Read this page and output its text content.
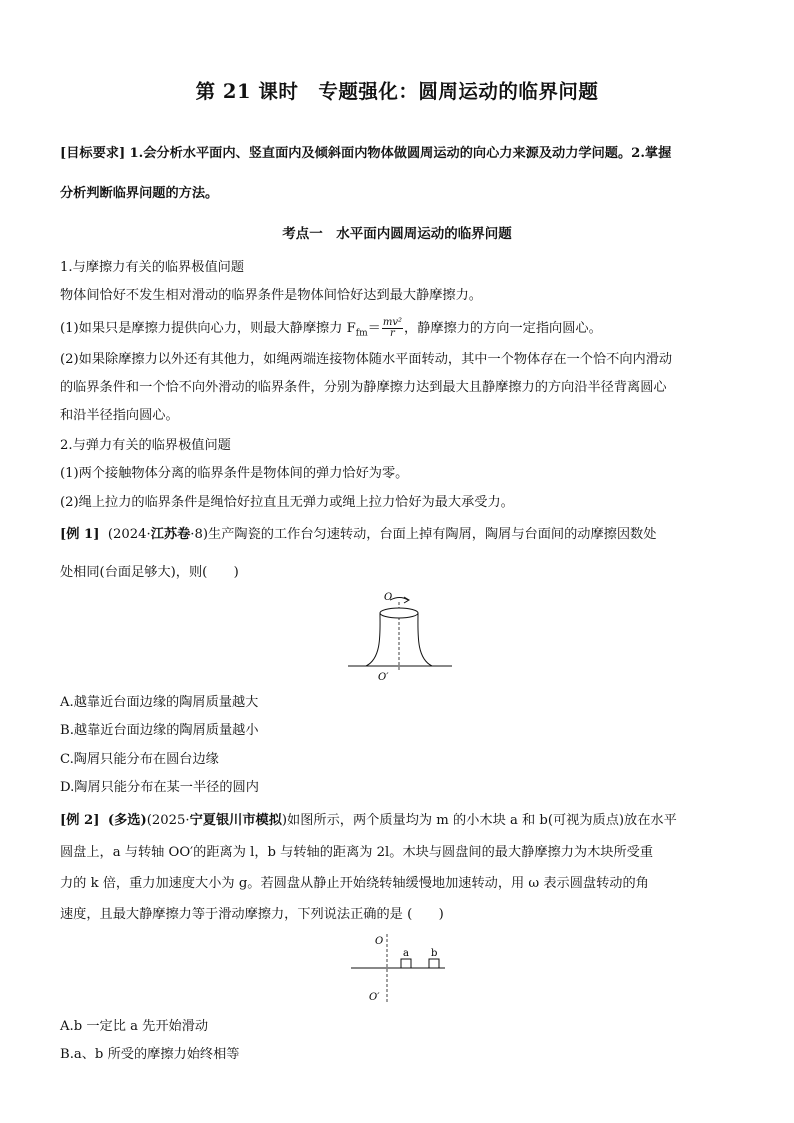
第 21 课时　专题强化：圆周运动的临界问题
[目标要求] 1.会分析水平面内、竖直面内及倾斜面内物体做圆周运动的向心力来源及动力学问题。2.掌握
分析判断临界问题的方法。
考点一　水平面内圆周运动的临界问题
1.与摩擦力有关的临界极值问题
物体间恰好不发生相对滑动的临界条件是物体间恰好达到最大静摩擦力。
(1)如果只是摩擦力提供向心力，则最大静摩擦力 $F_{fm}= \frac{\text{mv²}}{r}$ ，静摩擦力的方向一定指向圆心。
(2)如果除摩擦力以外还有其他力，如绳两端连接物体随水平面转动，其中一个物体存在一个恰不向内滑动
的临界条件和一个恰不向外滑动的临界条件，分别为静摩擦力达到最大且静摩擦力的方向沿半径背离圆心
和沿半径指向圆心。
2.与弹力有关的临界极值问题
(1)两个接触物体分离的临界条件是物体间的弹力恰好为零。
(2)绳上拉力的临界条件是绳恰好拉直且无弹力或绳上拉力恰好为最大承受力。
[例 1] (2024·江苏卷·8)生产陶瓷的工作台匀速转动，台面上掉有陶屑，陶屑与台面间的动摩擦因数处
处相同(台面足够大)，则(　　)
O
O′
A.越靠近台面边缘的陶屑质量越大
B.越靠近台面边缘的陶屑质量越小
C.陶屑只能分布在圆台边缘
D.陶屑只能分布在某一半径的圆内
[例 2] (多选)(2025·宁夏银川市模拟)如图所示，两个质量均为 m 的小木块 a 和 b(可视为质点)放在水平
圆盘上，a 与转轴 OO′的距离为 l，b 与转轴的距离为 2l。木块与圆盘间的最大静摩擦力为木块所受重
力的 k 倍，重力加速度大小为 g。若圆盘从静止开始绕转轴缓慢地加速转动，用 ω 表示圆盘转动的角
速度，且最大静摩擦力等于滑动摩擦力，下列说法正确的是 (　　)
O
a b
O′
A.b 一定比 a 先开始滑动
B.a、b 所受的摩擦力始终相等
